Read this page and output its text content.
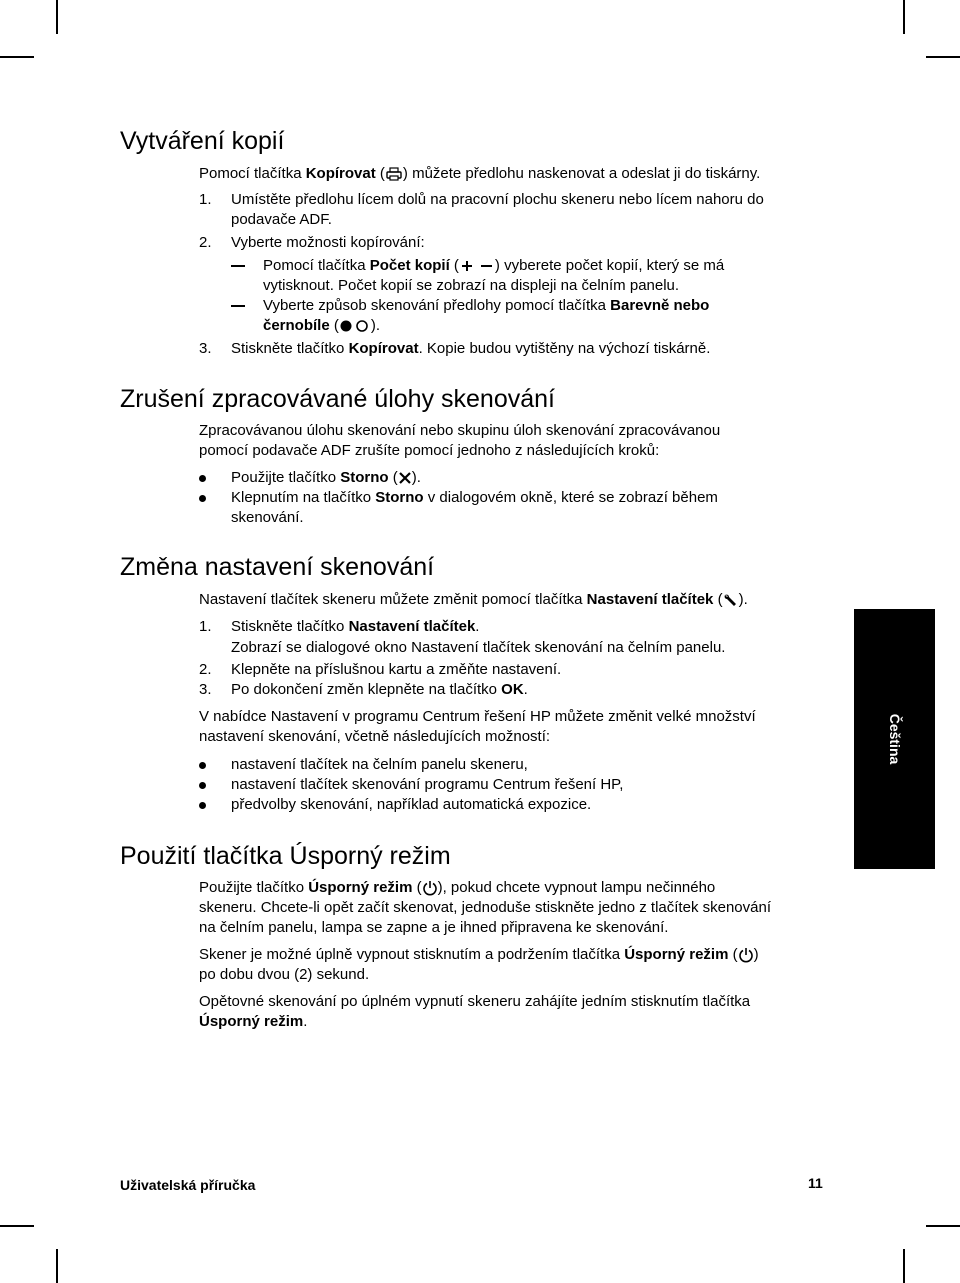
Vytváření kopií

Pomocí tlačítka Kopírovat ( ) můžete předlohu naskenovat a odeslat ji do tiskárny.

1. Umístěte předlohu lícem dolů na pracovní plochu skeneru nebo lícem nahoru do

podavače ADF.

2. Vyberte možnosti kopírování:

Pomocí tlačítka Počet kopií ( ) vyberete počet kopií, který se má

vytisknout. Počet kopií se zobrazí na displeji na čelním panelu.

Vyberte způsob skenování předlohy pomocí tlačítka Barevně nebo

černobíle ( ).

3. Stiskněte tlačítko Kopírovat. Kopie budou vytištěny na výchozí tiskárně.

Zrušení zpracovávané úlohy skenování

Zpracovávanou úlohu skenování nebo skupinu úloh skenování zpracovávanou

pomocí podavače ADF zrušíte pomocí jednoho z následujících kroků:

Použijte tlačítko Storno ( ).

Klepnutím na tlačítko Storno v dialogovém okně, které se zobrazí během

skenování.

Změna nastavení skenování

Nastavení tlačítek skeneru můžete změnit pomocí tlačítka Nastavení tlačítek ( ).

1. Stiskněte tlačítko Nastavení tlačítek.

Zobrazí se dialogové okno Nastavení tlačítek skenování na čelním panelu.

2. Klepněte na příslušnou kartu a změňte nastavení.

3. Po dokončení změn klepněte na tlačítko OK.

V nabídce Nastavení v programu Centrum řešení HP můžete změnit velké množství

nastavení skenování, včetně následujících možností:

nastavení tlačítek na čelním panelu skeneru,

nastavení tlačítek skenování programu Centrum řešení HP,

předvolby skenování, například automatická expozice.

Použití tlačítka Úsporný režim

Použijte tlačítko Úsporný režim ( ), pokud chcete vypnout lampu nečinného

skeneru. Chcete-li opět začít skenovat, jednoduše stiskněte jedno z tlačítek skenování

na čelním panelu, lampa se zapne a je ihned připravena ke skenování.

Skener je možné úplně vypnout stisknutím a podržením tlačítka Úsporný režim ( )

po dobu dvou (2) sekund.

Opětovné skenování po úplném vypnutí skeneru zahájíte jedním stisknutím tlačítka

Úsporný režim.

Čeština
Uživatelská příručka	11
